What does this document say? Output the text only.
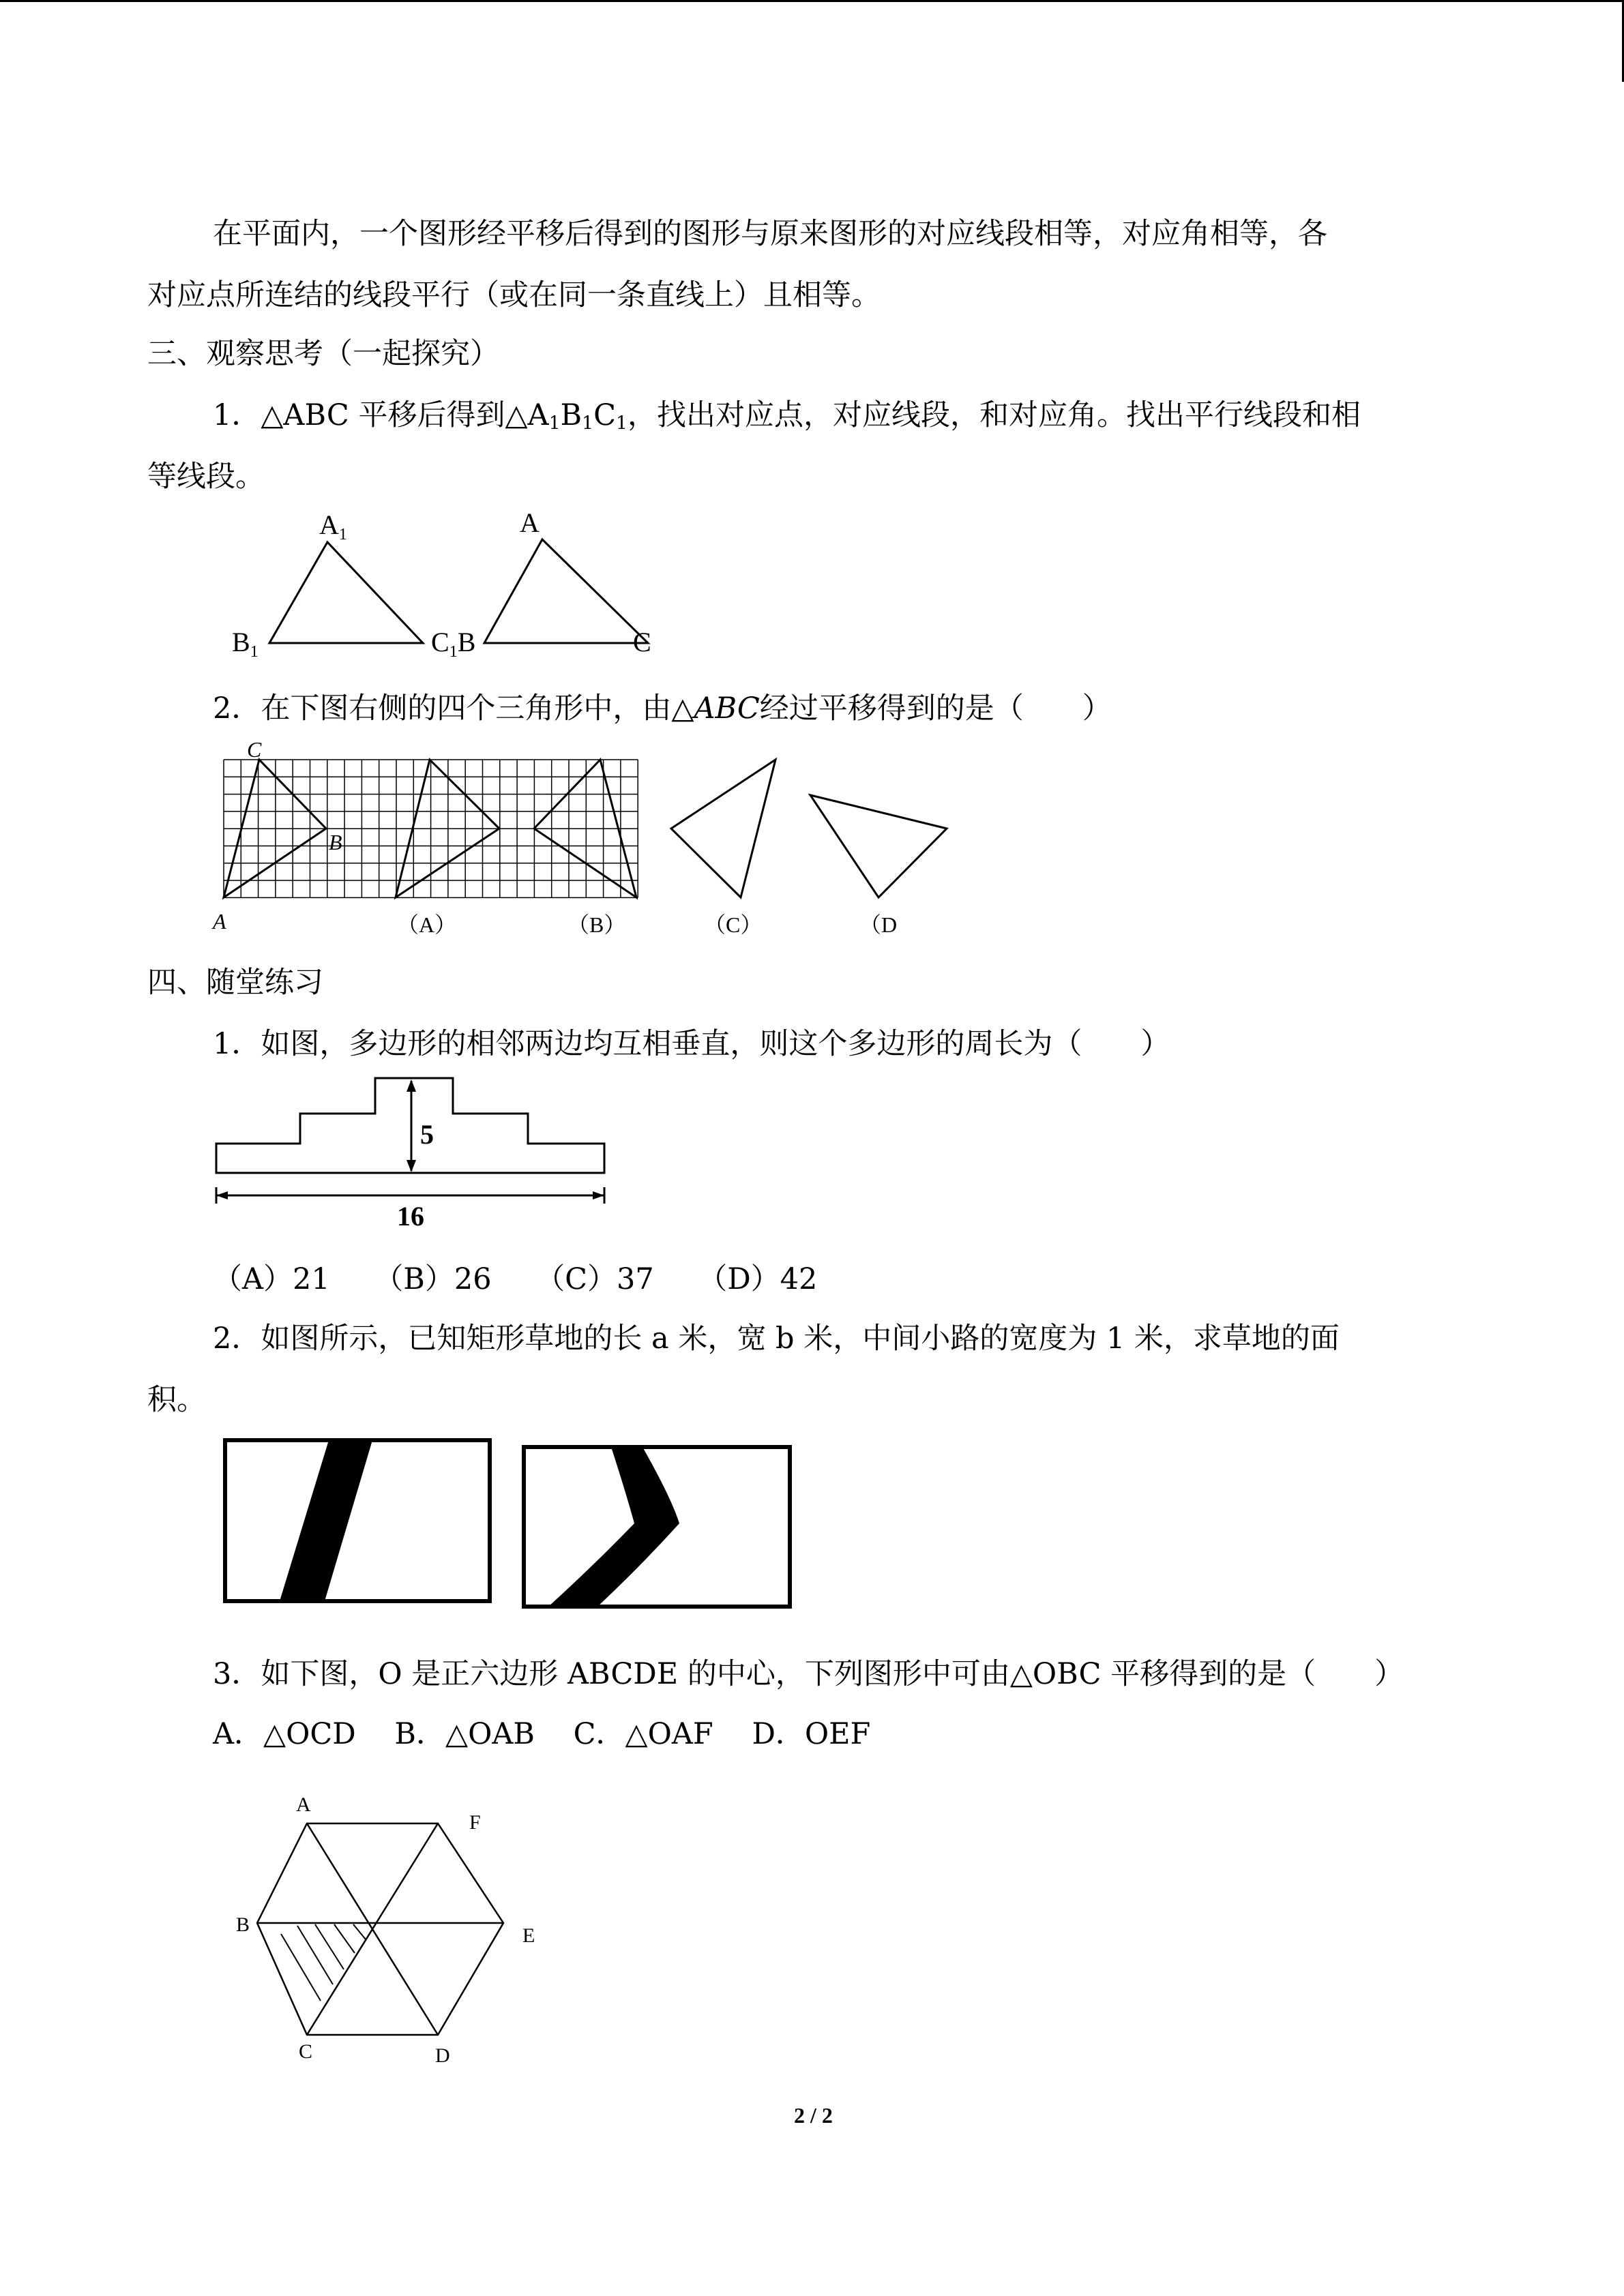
在平面内，一个图形经平移后得到的图形与原来图形的对应线段相等，对应角相等，各
对应点所连结的线段平行（或在同一条直线上）且相等。
三、观察思考（一起探究）
1．△ABC 平移后得到$\triangle A_1B_1C_1$，找出对应点，对应线段，和对应角。找出平行线段和相
等线段。
$A_1$
$B_1$	$C_1B$
A
C
2．在下图右侧的四个三角形中，由△ABC经过平移得到的是（　　）
C
B
A	（A）	（B）	（C）	（D
四、随堂练习
1．如图，多边形的相邻两边均互相垂直，则这个多边形的周长为（　　）
5
16
（A）21　　（B）26　　（C）37　　（D）42
2．如图所示，已知矩形草地的长 a 米，宽 b 米，中间小路的宽度为 1 米，求草地的面
积。
3．如下图，O 是正六边形 ABCDE 的中心，下列图形中可由△OBC 平移得到的是（　　）
A．△OCD　 B．△OAB　 C．△OAF　 D．OEF
A
F
B	E
C	D
2 / 2
